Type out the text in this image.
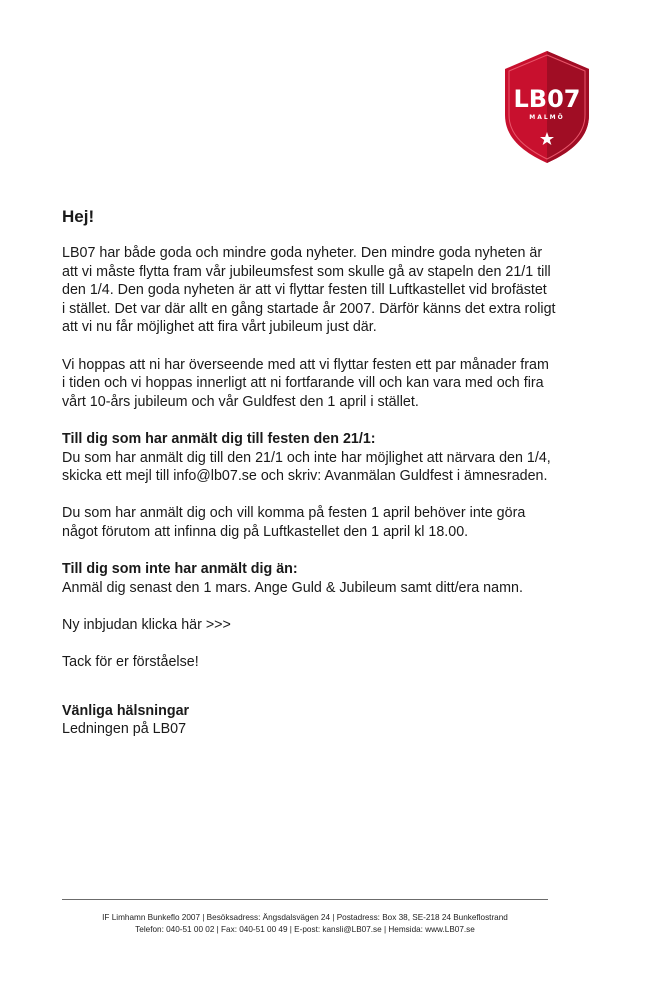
LB07
MALMÖ
Hej!

LB07 har både goda och mindre goda nyheter. Den mindre goda nyheten är
att vi måste flytta fram vår jubileumsfest som skulle gå av stapeln den 21/1 till
den 1/4. Den goda nyheten är att vi flyttar festen till Luftkastellet vid brofästet
i stället. Det var där allt en gång startade år 2007. Därför känns det extra roligt
att vi nu får möjlighet att fira vårt jubileum just där.

Vi hoppas att ni har överseende med att vi flyttar festen ett par månader fram
i tiden och vi hoppas innerligt att ni fortfarande vill och kan vara med och fira
vårt 10-års jubileum och vår Guldfest den 1 april i stället.

Till dig som har anmält dig till festen den 21/1:
Du som har anmält dig till den 21/1 och inte har möjlighet att närvara den 1/4,
skicka ett mejl till info@lb07.se och skriv: Avanmälan Guldfest i ämnesraden.

Du som har anmält dig och vill komma på festen 1 april behöver inte göra
något förutom att infinna dig på Luftkastellet den 1 april kl 18.00.

Till dig som inte har anmält dig än:
Anmäl dig senast den 1 mars. Ange Guld & Jubileum samt ditt/era namn.

Ny inbjudan klicka här >>>

Tack för er förståelse!

Vänliga hälsningar
Ledningen på LB07

IF Limhamn Bunkeflo 2007 | Besöksadress: Ängsdalsvägen 24 | Postadress: Box 38, SE-218 24 Bunkeflostrand
Telefon: 040-51 00 02 | Fax: 040-51 00 49 | E-post: kansli@LB07.se | Hemsida: www.LB07.se
